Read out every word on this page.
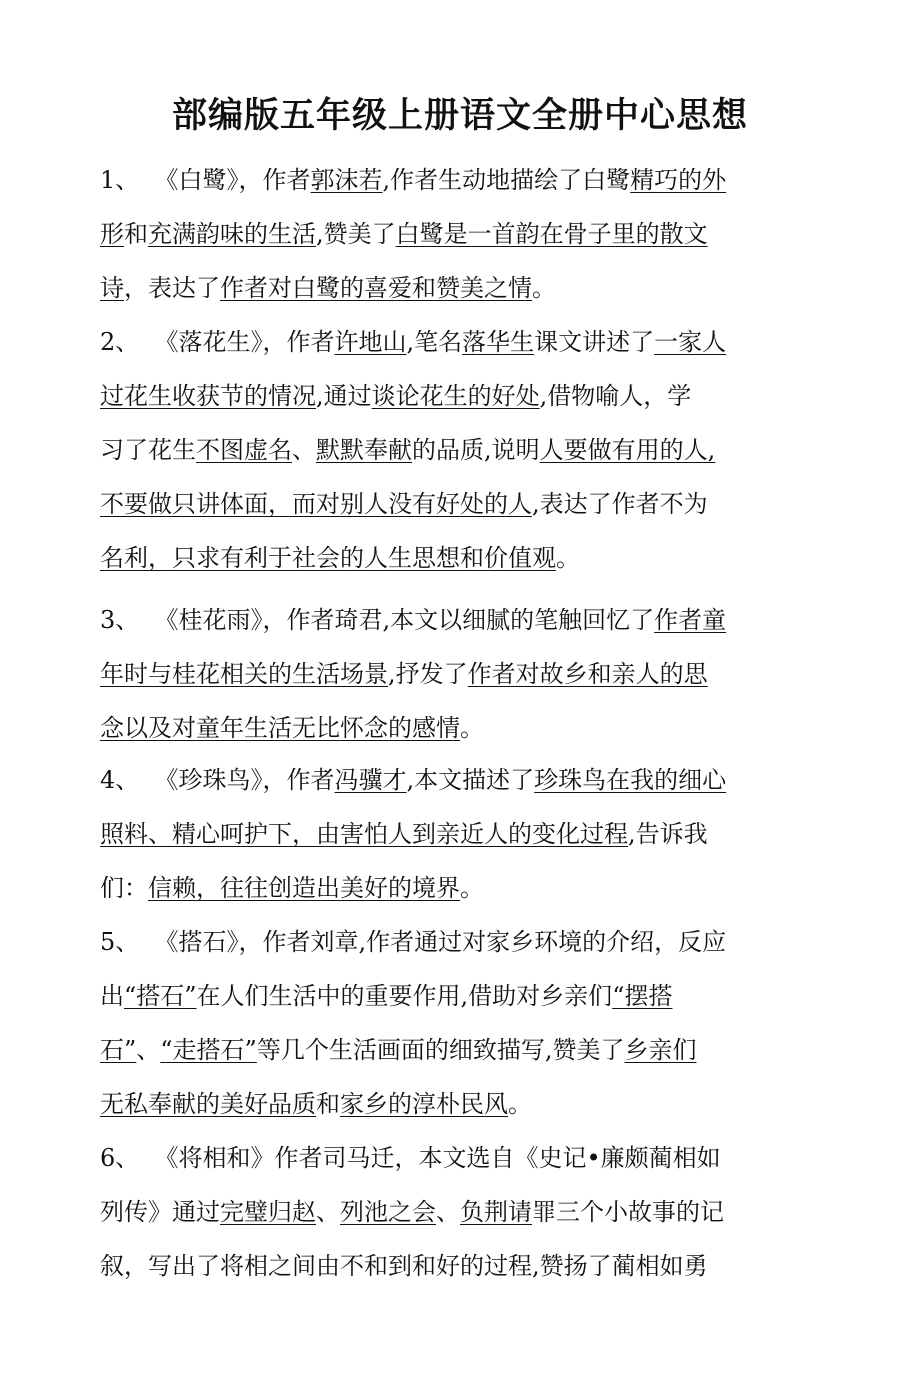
部编版五年级上册语文全册中心思想
1、  《白鹭》，作者郭沫若,作者生动地描绘了白鹭精巧的外
形和充满韵味的生活,赞美了白鹭是一首韵在骨子里的散文
诗，表达了作者对白鹭的喜爱和赞美之情。
2、  《落花生》，作者许地山,笔名落华生课文讲述了一家人
过花生收获节的情况,通过谈论花生的好处,借物喻人，学
习了花生不图虚名、默默奉献的品质,说明人要做有用的人,
不要做只讲体面，而对别人没有好处的人,表达了作者不为
名利，只求有利于社会的人生思想和价值观。
3、  《桂花雨》，作者琦君,本文以细腻的笔触回忆了作者童
年时与桂花相关的生活场景,抒发了作者对故乡和亲人的思
念以及对童年生活无比怀念的感情。
4、  《珍珠鸟》，作者冯骥才,本文描述了珍珠鸟在我的细心
照料、精心呵护下，由害怕人到亲近人的变化过程,告诉我
们：信赖，往往创造出美好的境界。
5、  《搭石》，作者刘章,作者通过对家乡环境的介绍，反应
出“搭石”在人们生活中的重要作用,借助对乡亲们“摆搭
石”、“走搭石”等几个生活画面的细致描写,赞美了乡亲们
无私奉献的美好品质和家乡的淳朴民风。
6、  《将相和》作者司马迁，本文选自《史记•廉颇蔺相如
列传》通过完璧归赵、列池之会、负荆请罪三个小故事的记
叙，写出了将相之间由不和到和好的过程,赞扬了蔺相如勇
